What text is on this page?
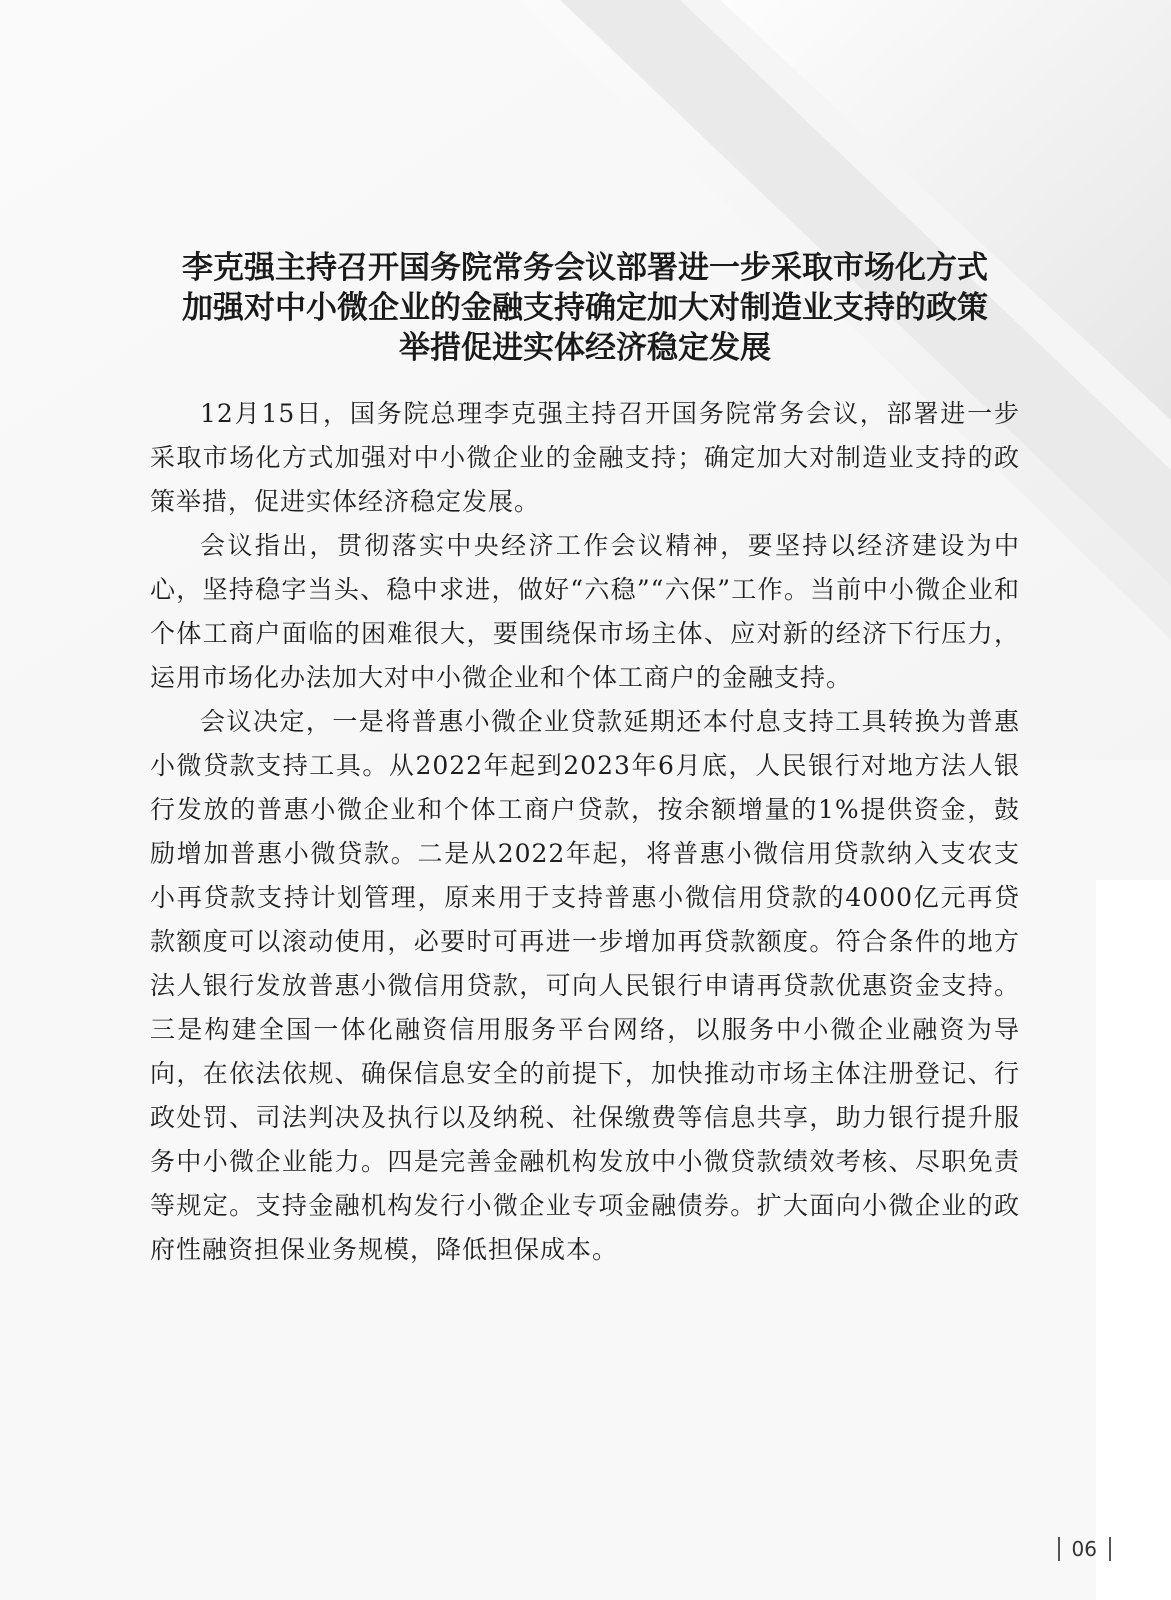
李克强主持召开国务院常务会议部署进一步采取市场化方式
加强对中小微企业的金融支持确定加大对制造业支持的政策
举措促进实体经济稳定发展

12月15日，国务院总理李克强主持召开国务院常务会议，部署进一步采取市场化方式加强对中小微企业的金融支持；确定加大对制造业支持的政策举措，促进实体经济稳定发展。

会议指出，贯彻落实中央经济工作会议精神，要坚持以经济建设为中心，坚持稳字当头、稳中求进，做好“六稳”“六保”工作。当前中小微企业和个体工商户面临的困难很大，要围绕保市场主体、应对新的经济下行压力，运用市场化办法加大对中小微企业和个体工商户的金融支持。

会议决定，一是将普惠小微企业贷款延期还本付息支持工具转换为普惠小微贷款支持工具。从2022年起到2023年6月底，人民银行对地方法人银行发放的普惠小微企业和个体工商户贷款，按余额增量的1%提供资金，鼓励增加普惠小微贷款。二是从2022年起，将普惠小微信用贷款纳入支农支小再贷款支持计划管理，原来用于支持普惠小微信用贷款的4000亿元再贷款额度可以滚动使用，必要时可再进一步增加再贷款额度。符合条件的地方法人银行发放普惠小微信用贷款，可向人民银行申请再贷款优惠资金支持。三是构建全国一体化融资信用服务平台网络，以服务中小微企业融资为导向，在依法依规、确保信息安全的前提下，加快推动市场主体注册登记、行政处罚、司法判决及执行以及纳税、社保缴费等信息共享，助力银行提升服务中小微企业能力。四是完善金融机构发放中小微贷款绩效考核、尽职免责等规定。支持金融机构发行小微企业专项金融债券。扩大面向小微企业的政府性融资担保业务规模，降低担保成本。

06
